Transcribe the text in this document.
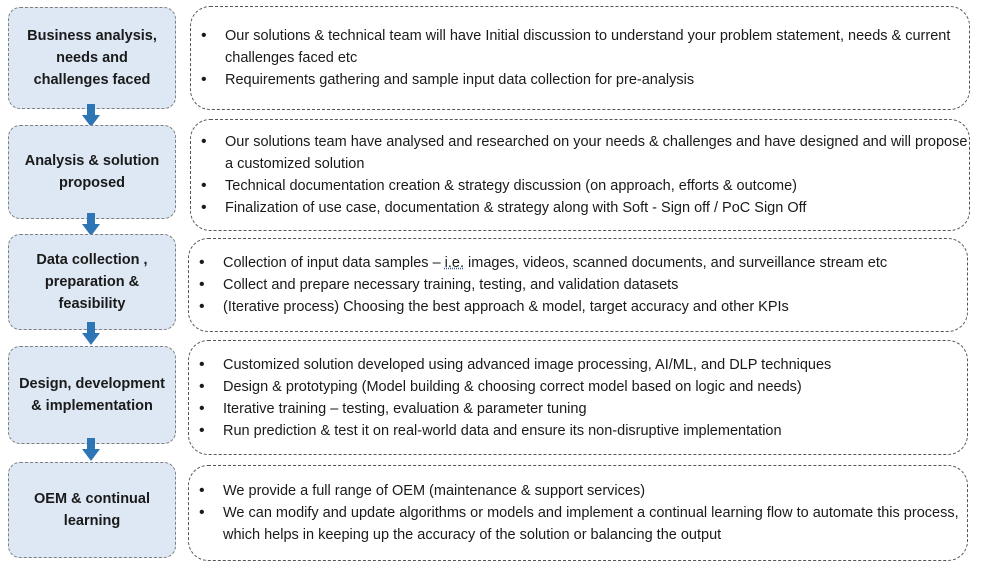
Business analysis, needs and challenges faced
• Our solutions & technical team will have Initial discussion to understand your problem statement, needs & current challenges faced etc
• Requirements gathering and sample input data collection for pre-analysis
Analysis & solution proposed
• Our solutions team have analysed and researched on your needs & challenges and have designed and will propose a customized solution
• Technical documentation creation & strategy discussion (on approach, efforts & outcome)
• Finalization of use case, documentation & strategy along with Soft - Sign off / PoC Sign Off
Data collection , preparation & feasibility
• Collection of input data samples – i.e. images, videos, scanned documents, and surveillance stream etc
• Collect and prepare necessary training, testing, and validation datasets
• (Iterative process) Choosing the best approach & model, target accuracy and other KPIs
Design, development & implementation
• Customized solution developed using advanced image processing, AI/ML, and DLP techniques
• Design & prototyping (Model building & choosing correct model based on logic and needs)
• Iterative training – testing, evaluation & parameter tuning
• Run prediction & test it on real-world data and ensure its non-disruptive implementation
OEM & continual learning
• We provide a full range of OEM (maintenance & support services)
• We can modify and update algorithms or models and implement a continual learning flow to automate this process, which helps in keeping up the accuracy of the solution or balancing the output
